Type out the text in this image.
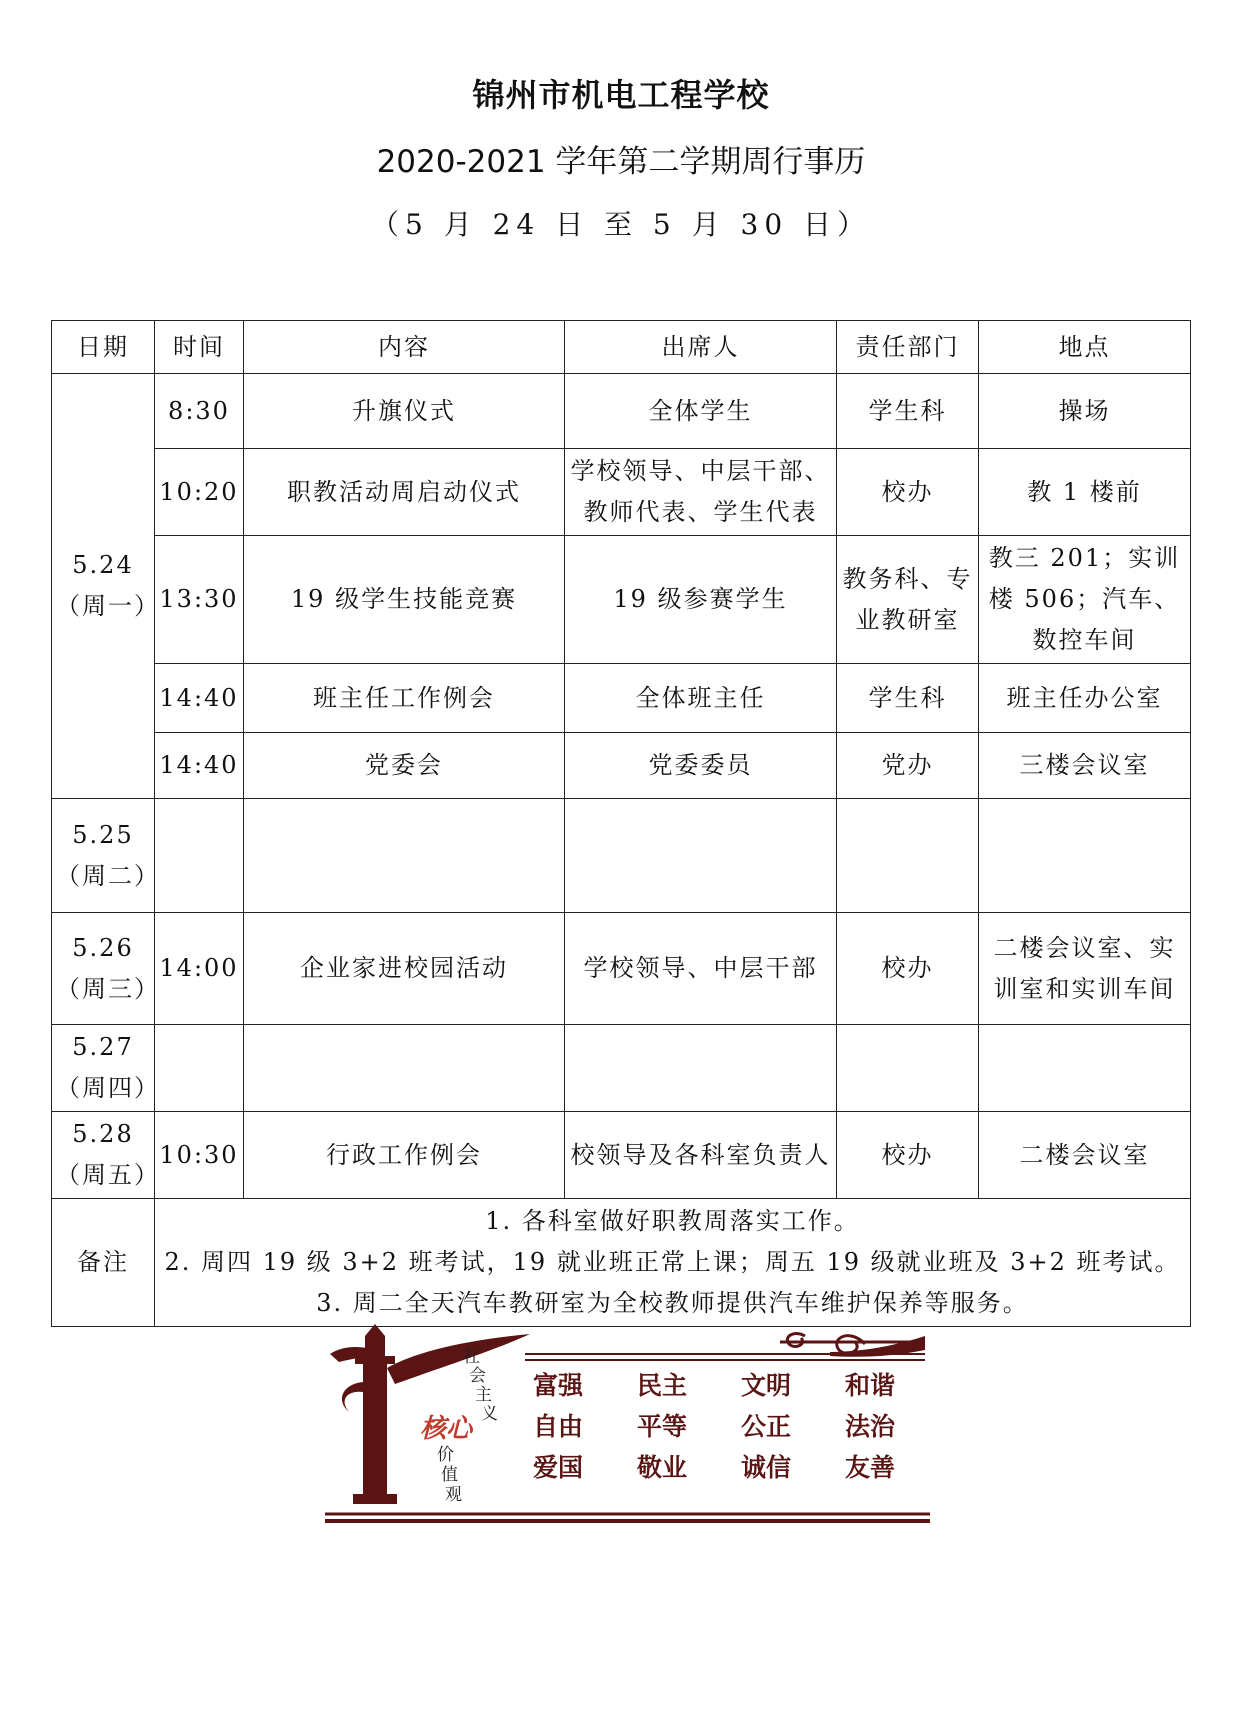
锦州市机电工程学校
2020-2021 学年第二学期周行事历
（5 月 24 日 至 5 月 30 日）
日期	时间	内容	出席人	责任部门	地点
5.24
（周一）	8:30	升旗仪式	全体学生	学生科	操场
	10:20	职教活动周启动仪式	学校领导、中层干部、教师代表、学生代表	校办	教 1 楼前
	13:30	19 级学生技能竞赛	19 级参赛学生	教务科、专业教研室	教三 201；实训楼 506；汽车、数控车间
	14:40	班主任工作例会	全体班主任	学生科	班主任办公室
	14:40	党委会	党委委员	党办	三楼会议室
5.25
（周二）					
5.26
（周三）	14:00	企业家进校园活动	学校领导、中层干部	校办	二楼会议室、实训室和实训车间
5.27
（周四）					
5.28
（周五）	10:30	行政工作例会	校领导及各科室负责人	校办	二楼会议室
备注	1. 各科室做好职教周落实工作。
2. 周四 19 级 3+2 班考试，19 就业班正常上课；周五 19 级就业班及 3+2 班考试。
3. 周二全天汽车教研室为全校教师提供汽车维护保养等服务。				
社会主义
核心
价值观
富强 民主 文明 和谐
自由 平等 公正 法治
爱国 敬业 诚信 友善
